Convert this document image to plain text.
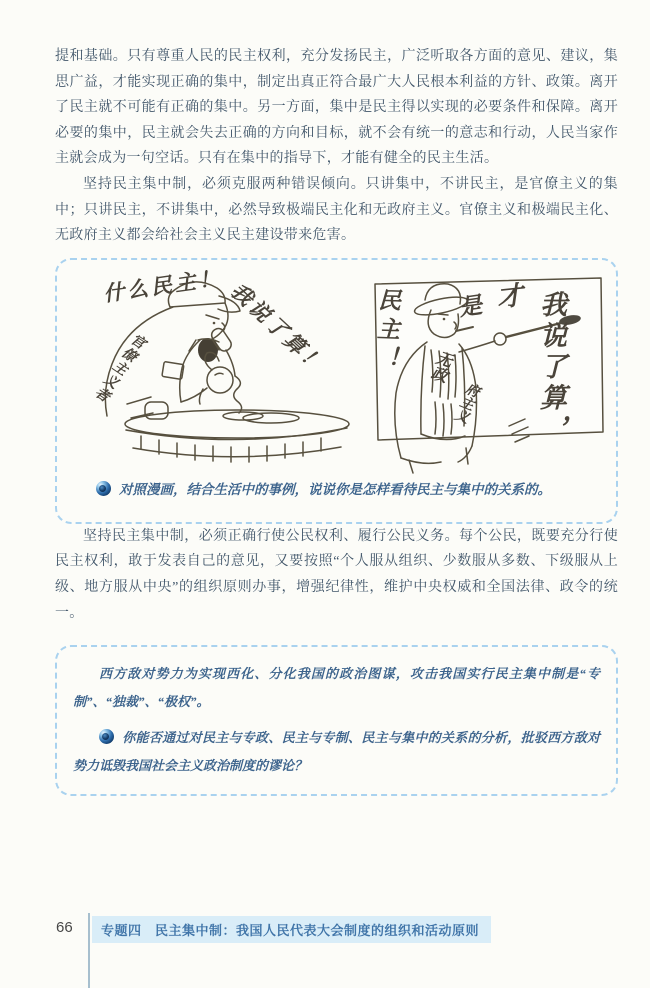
提和基础。只有尊重人民的民主权利，充分发扬民主，广泛听取各方面的意见、建议，集思广益，才能实现正确的集中，制定出真正符合最广大人民根本利益的方针、政策。离开了民主就不可能有正确的集中。另一方面，集中是民主得以实现的必要条件和保障。离开必要的集中，民主就会失去正确的方向和目标，就不会有统一的意志和行动，人民当家作主就会成为一句空话。只有在集中的指导下，才能有健全的民主生活。

坚持民主集中制，必须克服两种错误倾向。只讲集中，不讲民主，是官僚主义的集中；只讲民主，不讲集中，必然导致极端民主化和无政府主义。官僚主义和极端民主化、无政府主义都会给社会主义民主建设带来危害。

什么民主！ 我说了算！
官僚主义者	我说了算，
才
是
民主！ 无政
府主义
对照漫画，结合生活中的事例，说说你是怎样看待民主与集中的关系的。

坚持民主集中制，必须正确行使公民权利、履行公民义务。每个公民，既要充分行使民主权利，敢于发表自己的意见，又要按照“个人服从组织、少数服从多数、下级服从上级、地方服从中央”的组织原则办事，增强纪律性，维护中央权威和全国法律、政令的统一。

西方敌对势力为实现西化、分化我国的政治图谋，攻击我国实行民主集中制是“专制”、“独裁”、“极权”。

你能否通过对民主与专政、民主与专制、民主与集中的关系的分析，批驳西方敌对势力诋毁我国社会主义政治制度的谬论？

66	专题四　民主集中制：我国人民代表大会制度的组织和活动原则
